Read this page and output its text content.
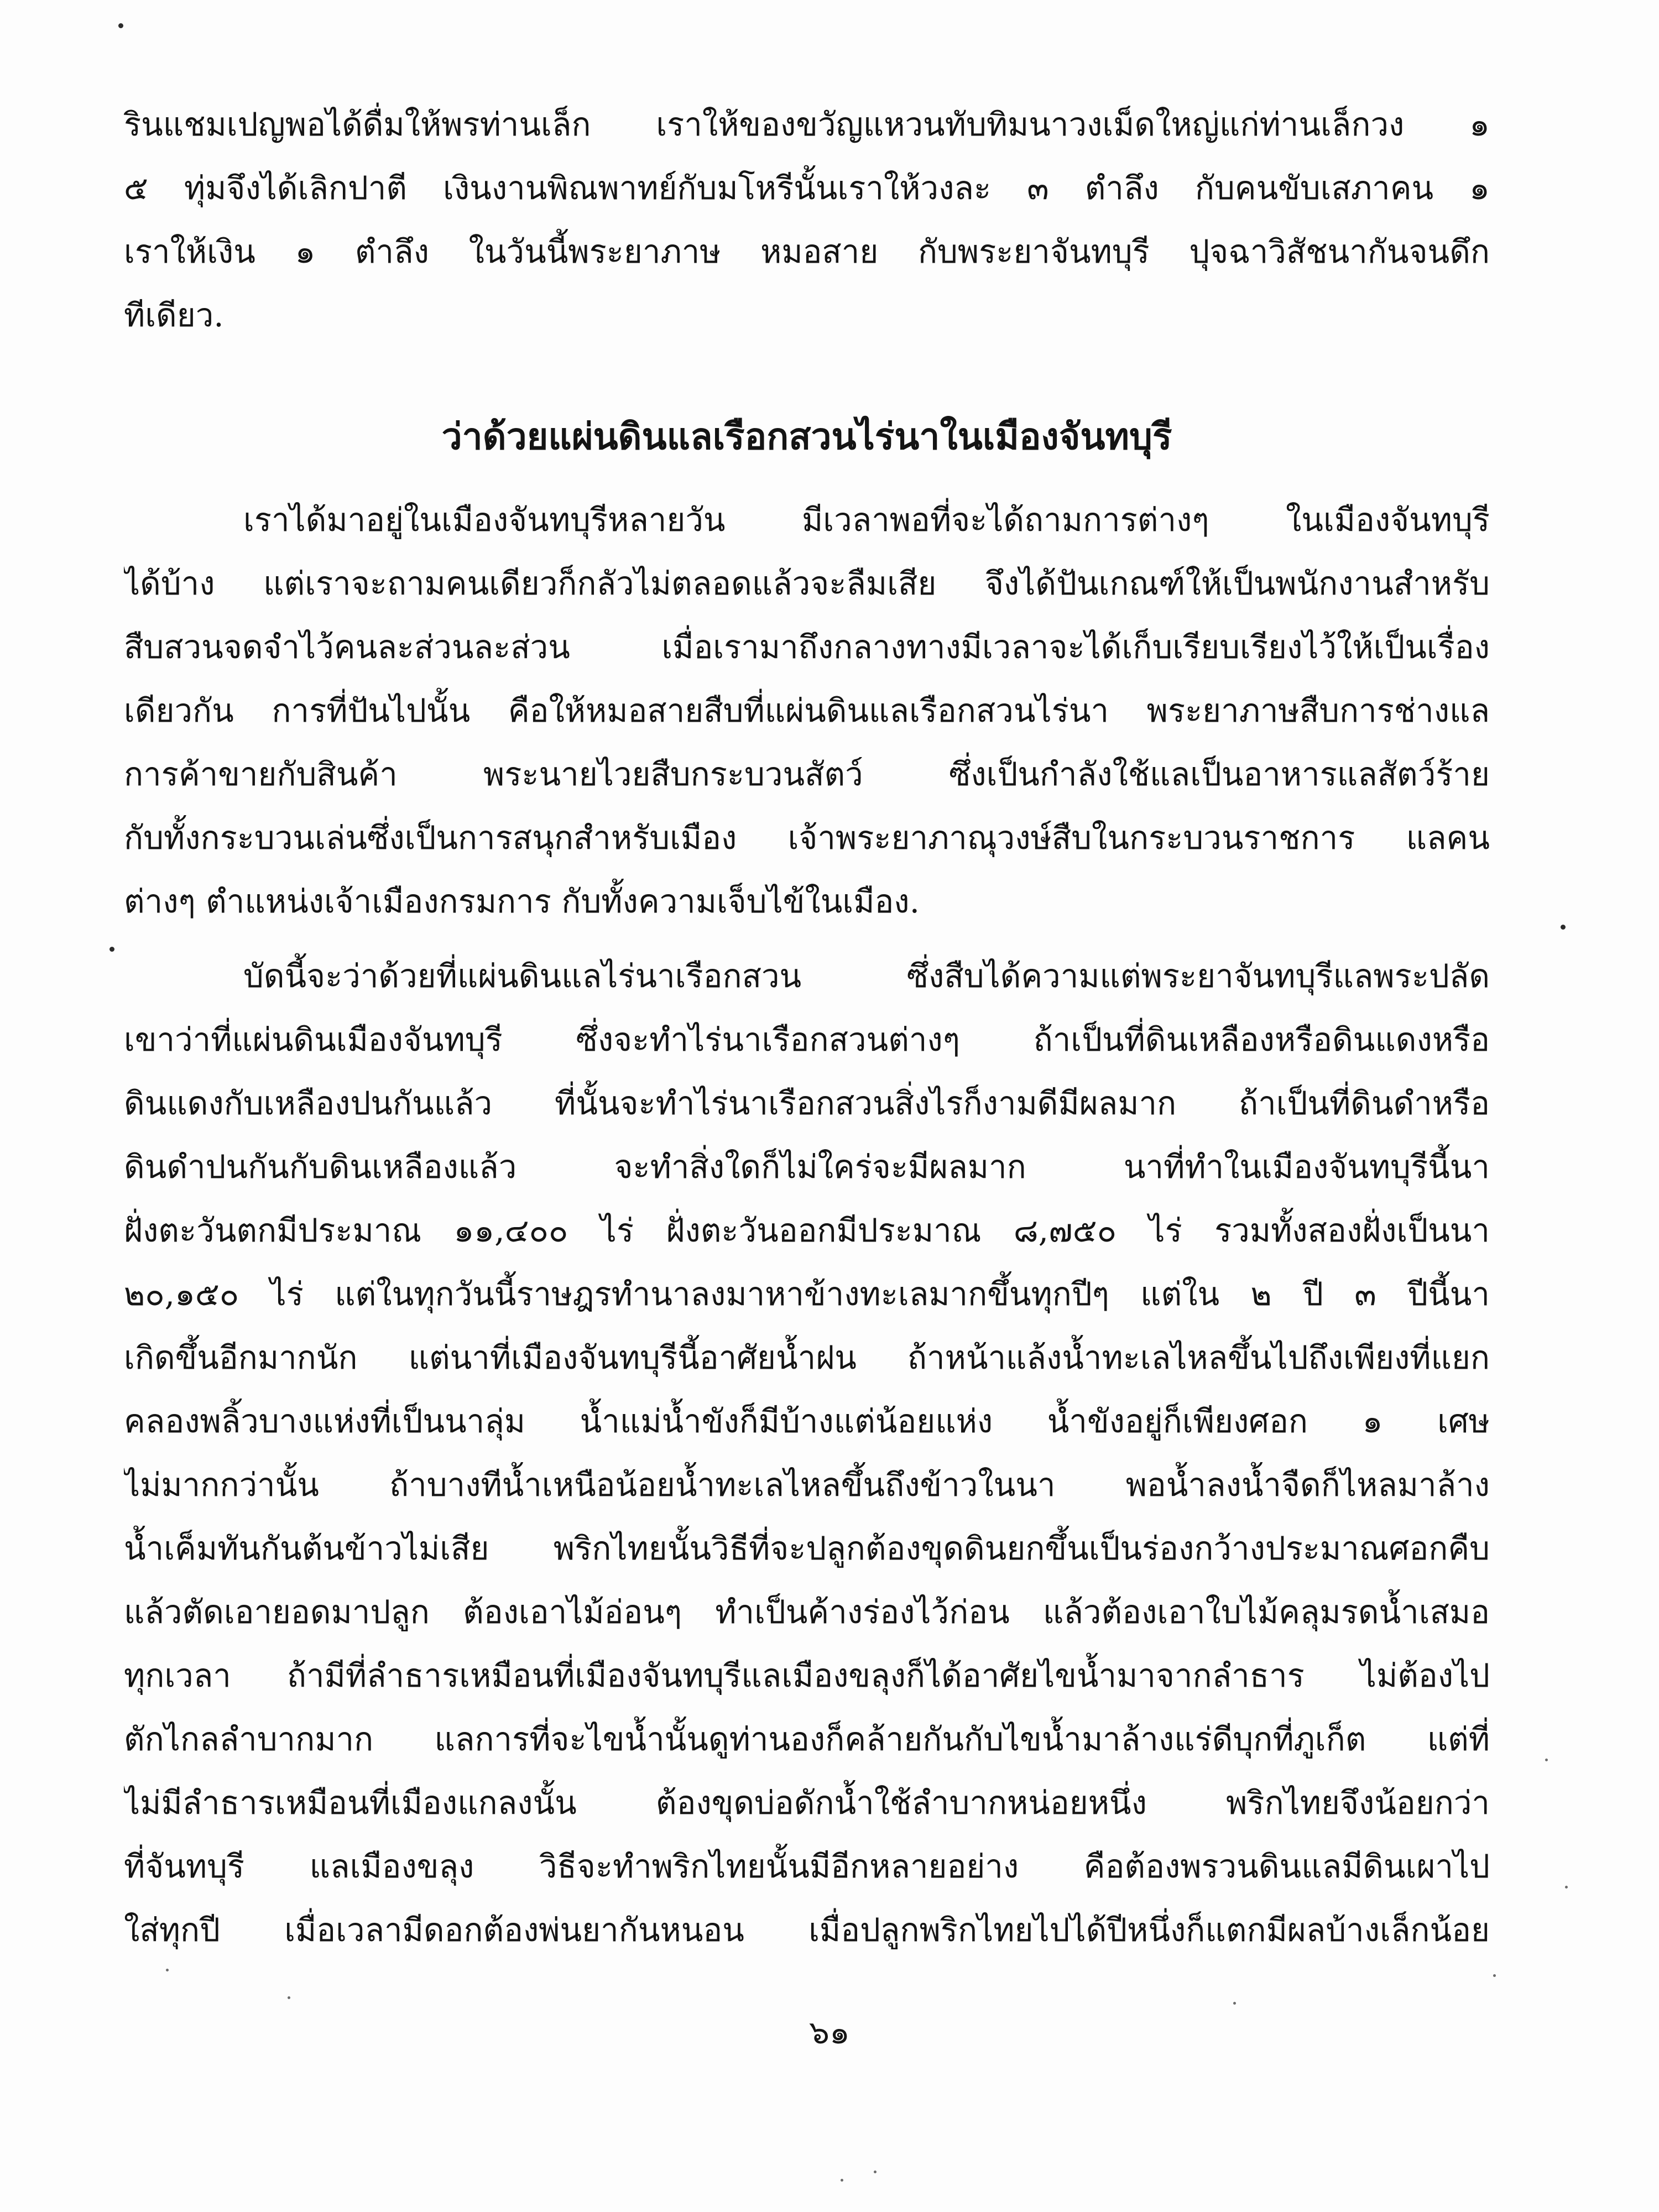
รินแชมเปญพอได้ดื่มให้พรท่านเล็ก เราให้ของขวัญแหวนทับทิมนาวงเม็ดใหญ่แก่ท่านเล็กวง ๑
๕ ทุ่มจึงได้เลิกปาตี เงินงานพิณพาทย์กับมโหรีนั้นเราให้วงละ ๓ ตำลึง กับคนขับเสภาคน ๑
เราให้เงิน ๑ ตำลึง ในวันนี้พระยาภาษ หมอสาย กับพระยาจันทบุรี ปุจฉาวิสัชนากันจนดึก
ทีเดียว.
ว่าด้วยแผ่นดินแลเรือกสวนไร่นาในเมืองจันทบุรี
เราได้มาอยู่ในเมืองจันทบุรีหลายวัน มีเวลาพอที่จะได้ถามการต่างๆ ในเมืองจันทบุรี
ได้บ้าง แต่เราจะถามคนเดียวก็กลัวไม่ตลอดแล้วจะลืมเสีย จึงได้ปันเกณฑ์ให้เป็นพนักงานสำหรับ
สืบสวนจดจำไว้คนละส่วนละส่วน เมื่อเรามาถึงกลางทางมีเวลาจะได้เก็บเรียบเรียงไว้ให้เป็นเรื่อง
เดียวกัน การที่ปันไปนั้น คือให้หมอสายสืบที่แผ่นดินแลเรือกสวนไร่นา พระยาภาษสืบการช่างแล
การค้าขายกับสินค้า พระนายไวยสืบกระบวนสัตว์ ซึ่งเป็นกำลังใช้แลเป็นอาหารแลสัตว์ร้าย
กับทั้งกระบวนเล่นซึ่งเป็นการสนุกสำหรับเมือง เจ้าพระยาภาณุวงษ์สืบในกระบวนราชการ แลคน
ต่างๆ ตำแหน่งเจ้าเมืองกรมการ กับทั้งความเจ็บไข้ในเมือง.
บัดนี้จะว่าด้วยที่แผ่นดินแลไร่นาเรือกสวน ซึ่งสืบได้ความแต่พระยาจันทบุรีแลพระปลัด
เขาว่าที่แผ่นดินเมืองจันทบุรี ซึ่งจะทำไร่นาเรือกสวนต่างๆ ถ้าเป็นที่ดินเหลืองหรือดินแดงหรือ
ดินแดงกับเหลืองปนกันแล้ว ที่นั้นจะทำไร่นาเรือกสวนสิ่งไรก็งามดีมีผลมาก ถ้าเป็นที่ดินดำหรือ
ดินดำปนกันกับดินเหลืองแล้ว จะทำสิ่งใดก็ไม่ใคร่จะมีผลมาก นาที่ทำในเมืองจันทบุรีนี้นา
ฝั่งตะวันตกมีประมาณ ๑๑,๔๐๐ ไร่ ฝั่งตะวันออกมีประมาณ ๘,๗๕๐ ไร่ รวมทั้งสองฝั่งเป็นนา
๒๐,๑๕๐ ไร่ แต่ในทุกวันนี้ราษฎรทำนาลงมาหาข้างทะเลมากขึ้นทุกปีๆ แต่ใน ๒ ปี ๓ ปีนี้นา
เกิดขึ้นอีกมากนัก แต่นาที่เมืองจันทบุรีนี้อาศัยน้ำฝน ถ้าหน้าแล้งน้ำทะเลไหลขึ้นไปถึงเพียงที่แยก
คลองพลิ้วบางแห่งที่เป็นนาลุ่ม น้ำแม่น้ำขังก็มีบ้างแต่น้อยแห่ง น้ำขังอยู่ก็เพียงศอก ๑ เศษ
ไม่มากกว่านั้น ถ้าบางทีน้ำเหนือน้อยน้ำทะเลไหลขึ้นถึงข้าวในนา พอน้ำลงน้ำจืดก็ไหลมาล้าง
น้ำเค็มทันกันต้นข้าวไม่เสีย พริกไทยนั้นวิธีที่จะปลูกต้องขุดดินยกขึ้นเป็นร่องกว้างประมาณศอกคืบ
แล้วตัดเอายอดมาปลูก ต้องเอาไม้อ่อนๆ ทำเป็นค้างร่องไว้ก่อน แล้วต้องเอาใบไม้คลุมรดน้ำเสมอ
ทุกเวลา ถ้ามีที่ลำธารเหมือนที่เมืองจันทบุรีแลเมืองขลุงก็ได้อาศัยไขน้ำมาจากลำธาร ไม่ต้องไป
ตักไกลลำบากมาก แลการที่จะไขน้ำนั้นดูท่านองก็คล้ายกันกับไขน้ำมาล้างแร่ดีบุกที่ภูเก็ต แต่ที่
ไม่มีลำธารเหมือนที่เมืองแกลงนั้น ต้องขุดบ่อดักน้ำใช้ลำบากหน่อยหนึ่ง พริกไทยจึงน้อยกว่า
ที่จันทบุรี แลเมืองขลุง วิธีจะทำพริกไทยนั้นมีอีกหลายอย่าง คือต้องพรวนดินแลมีดินเผาไป
ใส่ทุกปี เมื่อเวลามีดอกต้องพ่นยากันหนอน เมื่อปลูกพริกไทยไปได้ปีหนึ่งก็แตกมีผลบ้างเล็กน้อย
๖๑
